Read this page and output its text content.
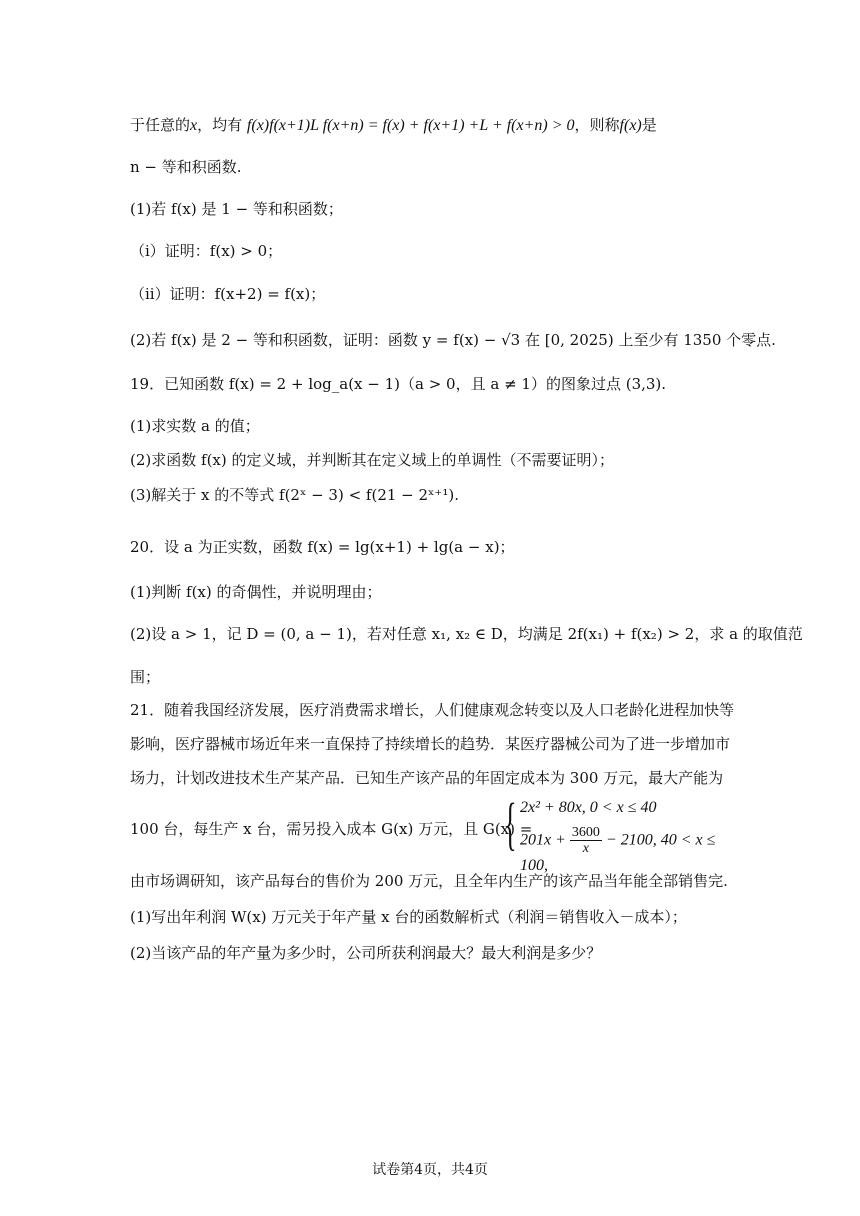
于任意的x，均有 f(x)f(x+1)L f(x+n) = f(x) + f(x+1) +L + f(x+n) > 0，则称f(x)是
n − 等和积函数.
(1)若 f(x) 是 1 − 等和积函数；
（i）证明：f(x) > 0；
（ii）证明：f(x+2) = f(x)；
(2)若 f(x) 是 2 − 等和积函数，证明：函数 y = f(x) − √3 在 [0, 2025) 上至少有 1350 个零点.
19．已知函数 f(x) = 2 + log_a(x − 1)（a > 0，且 a ≠ 1）的图象过点 (3,3).
(1)求实数 a 的值；
(2)求函数 f(x) 的定义域，并判断其在定义域上的单调性（不需要证明）；
(3)解关于 x 的不等式 f(2ˣ − 3) < f(21 − 2ˣ⁺¹).
20．设 a 为正实数，函数 f(x) = lg(x+1) + lg(a − x)；
(1)判断 f(x) 的奇偶性，并说明理由；
(2)设 a > 1，记 D = (0, a − 1)，若对任意 x₁, x₂ ∈ D，均满足 2f(x₁) + f(x₂) > 2，求 a 的取值范
围；
21．随着我国经济发展，医疗消费需求增长，人们健康观念转变以及人口老龄化进程加快等
影响，医疗器械市场近年来一直保持了持续增长的趋势．某医疗器械公司为了进一步增加市
场力，计划改进技术生产某产品．已知生产该产品的年固定成本为 300 万元，最大产能为
100 台，每生产 x 台，需另投入成本 G(x) 万元，且 G(x) =
{ 2x² + 80x, 0 < x ≤ 40
$201x + \frac{3600}{x} - 2100$, 40 < x ≤ 100,
由市场调研知，该产品每台的售价为 200 万元，且全年内生产的该产品当年能全部销售完.
(1)写出年利润 W(x) 万元关于年产量 x 台的函数解析式（利润＝销售收入－成本）；
(2)当该产品的年产量为多少时，公司所获利润最大？最大利润是多少？
试卷第4页，共4页
